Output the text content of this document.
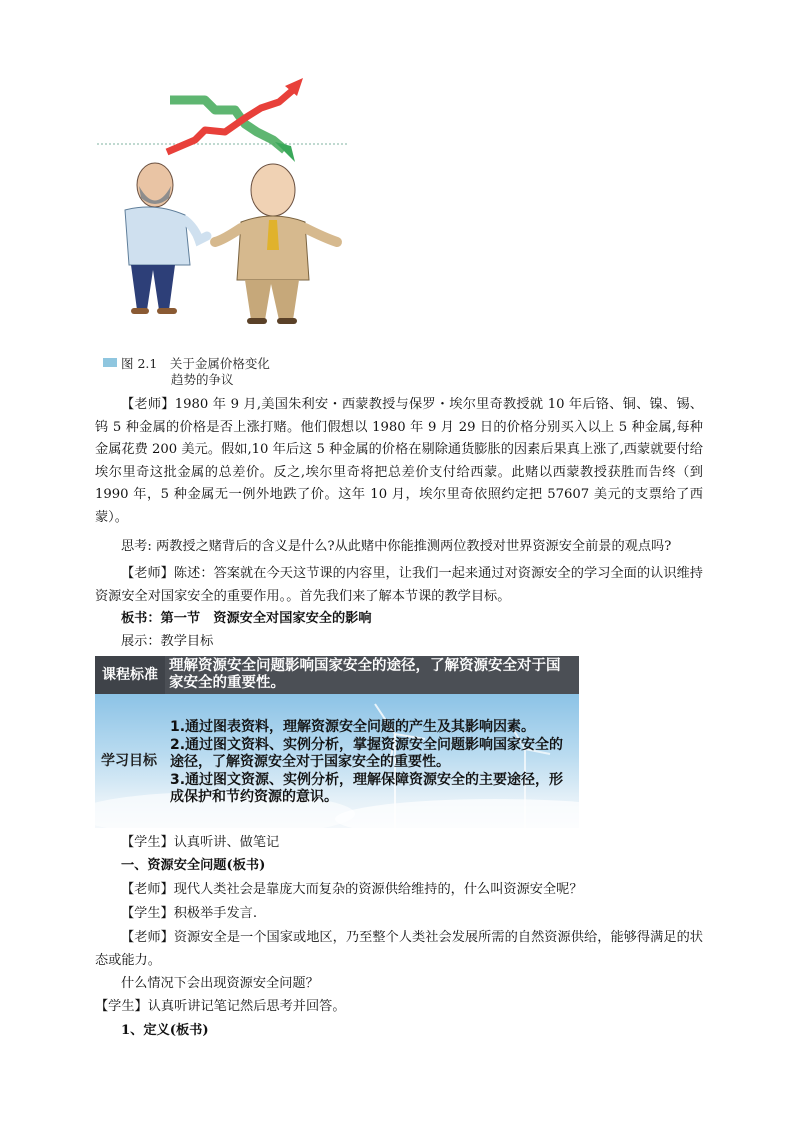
图 2.1　 关于金属价格变化
趋势的争议
【老师】1980 年 9 月,美国朱利安・西蒙教授与保罗・埃尔里奇教授就 10 年后铬、铜、镍、锡、钨 5 种金属的价格是否上涨打赌。他们假想以 1980 年 9 月 29 日的价格分别买入以上 5 种金属,每种金属花费 200 美元。假如,10 年后这 5 种金属的价格在剔除通货膨胀的因素后果真上涨了,西蒙就要付给埃尔里奇这批金属的总差价。反之,埃尔里奇将把总差价支付给西蒙。此赌以西蒙教授获胜而告终（到 1990 年，5 种金属无一例外地跌了价。这年 10 月，埃尔里奇依照约定把 57607 美元的支票给了西蒙）。
思考: 两教授之赌背后的含义是什么?从此赌中你能推测两位教授对世界资源安全前景的观点吗?
【老师】陈述：答案就在今天这节课的内容里，让我们一起来通过对资源安全的学习全面的认识维持资源安全对国家安全的重要作用。。首先我们来了解本节课的教学目标。
板书：第一节　资源安全对国家安全的影响
展示：教学目标
课程标准
理解资源安全问题影响国家安全的途径，了解资源安全对于国家安全的重要性。
学习目标
1.通过图表资料，理解资源安全问题的产生及其影响因素。
2.通过图文资料、实例分析，掌握资源安全问题影响国家安全的途径，了解资源安全对于国家安全的重要性。
3.通过图文资源、实例分析，理解保障资源安全的主要途径，形成保护和节约资源的意识。
【学生】认真听讲、做笔记
一、资源安全问题(板书)
【老师】现代人类社会是靠庞大而复杂的资源供给维持的，什么叫资源安全呢？
【学生】积极举手发言.
【老师】资源安全是一个国家或地区，乃至整个人类社会发展所需的自然资源供给，能够得满足的状态或能力。
什么情况下会出现资源安全问题？
【学生】认真听讲记笔记然后思考并回答。
1、定义(板书)
